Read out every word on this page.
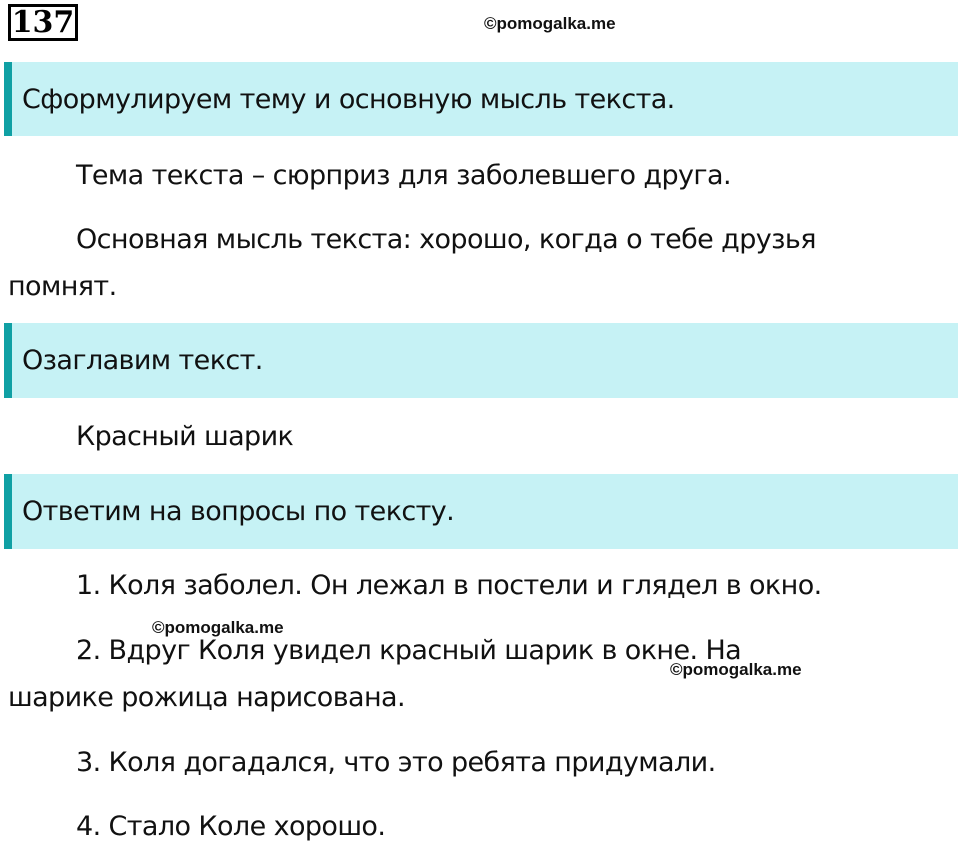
137	©pomogalka.me
Сформулируем тему и основную мысль текста.
Тема текста – сюрприз для заболевшего друга.
Основная мысль текста: хорошо, когда о тебе друзья
помнят.
Озаглавим текст.
Красный шарик
Ответим на вопросы по тексту.
1. Коля заболел. Он лежал в постели и глядел в окно.
2. Вдруг Коля увидел красный шарик в окне. На
шарике рожица нарисована.
3. Коля догадался, что это ребята придумали.
4. Стало Коле хорошо.
©pomogalka.me
©pomogalka.me
